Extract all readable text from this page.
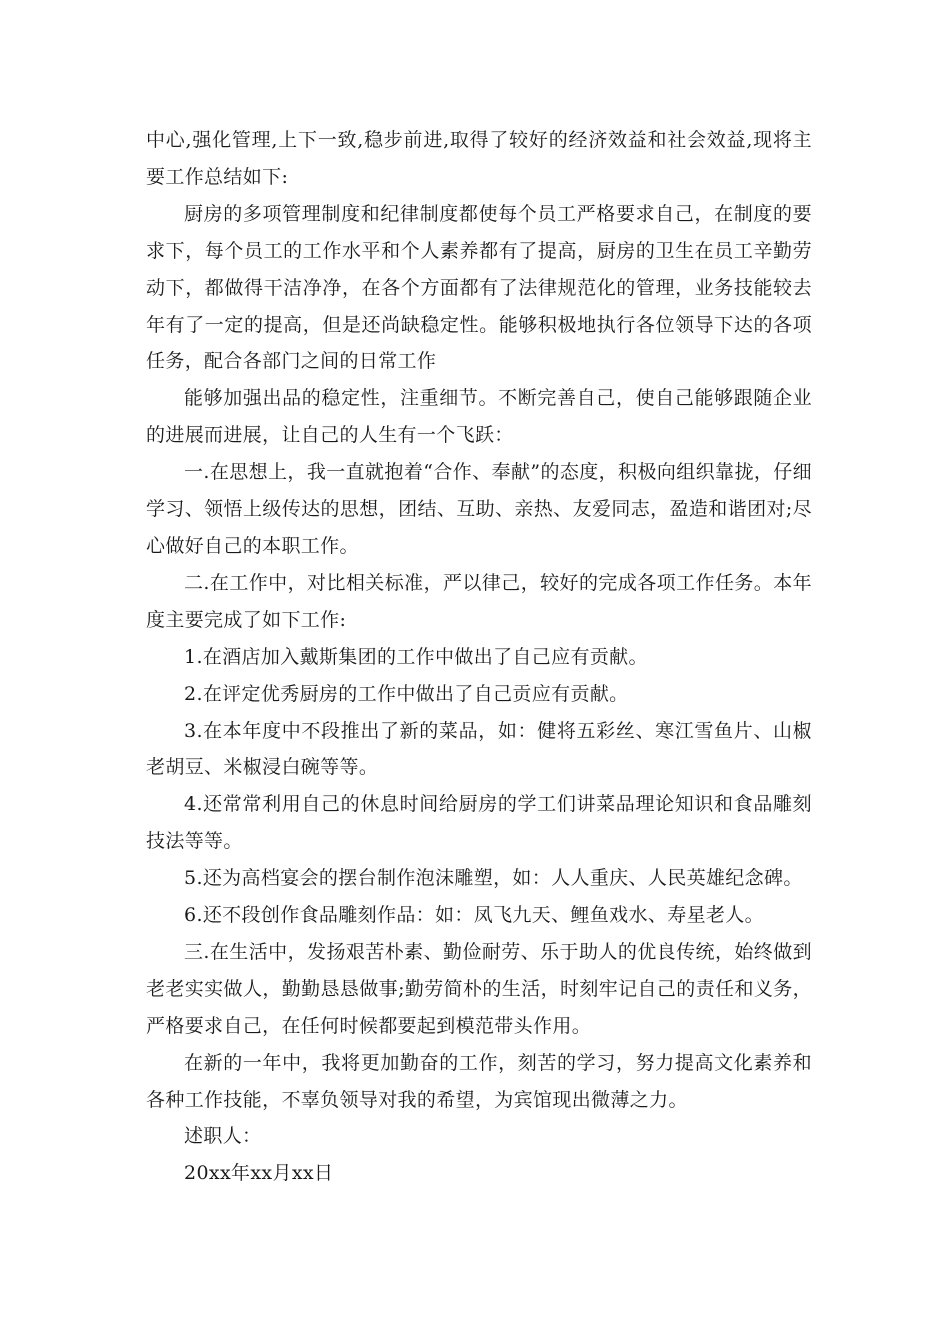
中心,强化管理,上下一致,稳步前进,取得了较好的经济效益和社会效益,现将主要工作总结如下:

厨房的多项管理制度和纪律制度都使每个员工严格要求自己，在制度的要求下，每个员工的工作水平和个人素养都有了提高，厨房的卫生在员工辛勤劳动下，都做得干洁净净，在各个方面都有了法律规范化的管理，业务技能较去年有了一定的提高，但是还尚缺稳定性。能够积极地执行各位领导下达的各项任务，配合各部门之间的日常工作

能够加强出品的稳定性，注重细节。不断完善自己，使自己能够跟随企业的进展而进展，让自己的人生有一个飞跃：

一.在思想上，我一直就抱着“合作、奉献”的态度，积极向组织靠拢，仔细学习、领悟上级传达的思想，团结、互助、亲热、友爱同志，盈造和谐团对;尽心做好自己的本职工作。

二.在工作中，对比相关标准，严以律己，较好的完成各项工作任务。本年度主要完成了如下工作:

1.在酒店加入戴斯集团的工作中做出了自己应有贡献。

2.在评定优秀厨房的工作中做出了自己贡应有贡献。

3.在本年度中不段推出了新的菜品，如：健将五彩丝、寒江雪鱼片、山椒老胡豆、米椒浸白碗等等。

4.还常常利用自己的休息时间给厨房的学工们讲菜品理论知识和食品雕刻技法等等。

5.还为高档宴会的摆台制作泡沫雕塑，如：人人重庆、人民英雄纪念碑。

6.还不段创作食品雕刻作品：如：凤飞九天、鲤鱼戏水、寿星老人。

三.在生活中，发扬艰苦朴素、勤俭耐劳、乐于助人的优良传统，始终做到老老实实做人，勤勤恳恳做事;勤劳简朴的生活，时刻牢记自己的责任和义务，严格要求自己，在任何时候都要起到模范带头作用。

在新的一年中，我将更加勤奋的工作，刻苦的学习，努力提高文化素养和各种工作技能，不辜负领导对我的希望，为宾馆现出微薄之力。

述职人：

20xx年xx月xx日
